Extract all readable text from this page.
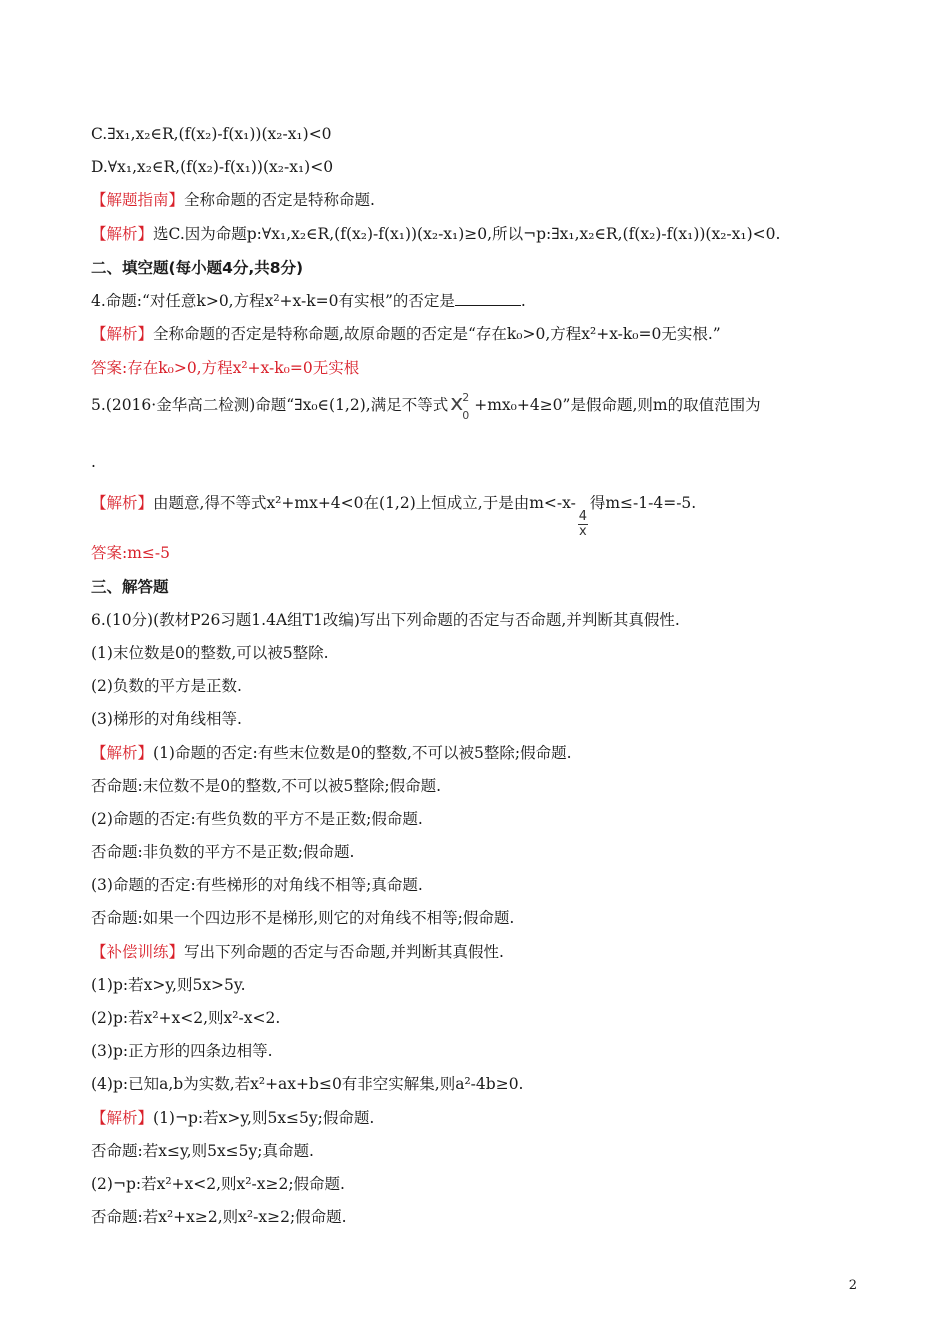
C.∃x₁,x₂∈R,(f(x₂)-f(x₁))(x₂-x₁)<0
D.∀x₁,x₂∈R,(f(x₂)-f(x₁))(x₂-x₁)<0
【解题指南】全称命题的否定是特称命题.
【解析】选C.因为命题p:∀x₁,x₂∈R,(f(x₂)-f(x₁))(x₂-x₁)≥0,所以¬p:∃x₁,x₂∈R,(f(x₂)-f(x₁))(x₂-x₁)<0.
二、填空题(每小题4分,共8分)
4.命题:“对任意k>0,方程x²+x-k=0有实根”的否定是	.
【解析】全称命题的否定是特称命题,故原命题的否定是“存在k₀>0,方程x²+x-k₀=0无实根.”
答案:存在k₀>0,方程x²+x-k₀=0无实根
5.(2016·金华高二检测)命题“∃x₀∈(1,2),满足不等式 x
2
0
+mx₀+4≥0”是假命题,则m的取值范围为
.
【解析】由题意,得不等式x²+mx+4<0在(1,2)上恒成立,于是由m<-x-
$\frac{4}{x}$
得m≤-1-4=-5.
答案:m≤-5
三、解答题
6.(10分)(教材P26习题1.4A组T1改编)写出下列命题的否定与否命题,并判断其真假性.
(1)末位数是0的整数,可以被5整除.
(2)负数的平方是正数.
(3)梯形的对角线相等.
【解析】(1)命题的否定:有些末位数是0的整数,不可以被5整除;假命题.
否命题:末位数不是0的整数,不可以被5整除;假命题.
(2)命题的否定:有些负数的平方不是正数;假命题.
否命题:非负数的平方不是正数;假命题.
(3)命题的否定:有些梯形的对角线不相等;真命题.
否命题:如果一个四边形不是梯形,则它的对角线不相等;假命题.
【补偿训练】写出下列命题的否定与否命题,并判断其真假性.
(1)p:若x>y,则5x>5y.
(2)p:若x²+x<2,则x²-x<2.
(3)p:正方形的四条边相等.
(4)p:已知a,b为实数,若x²+ax+b≤0有非空实解集,则a²-4b≥0.
【解析】(1)¬p:若x>y,则5x≤5y;假命题.
否命题:若x≤y,则5x≤5y;真命题.
(2)¬p:若x²+x<2,则x²-x≥2;假命题.
否命题:若x²+x≥2,则x²-x≥2;假命题.
2
